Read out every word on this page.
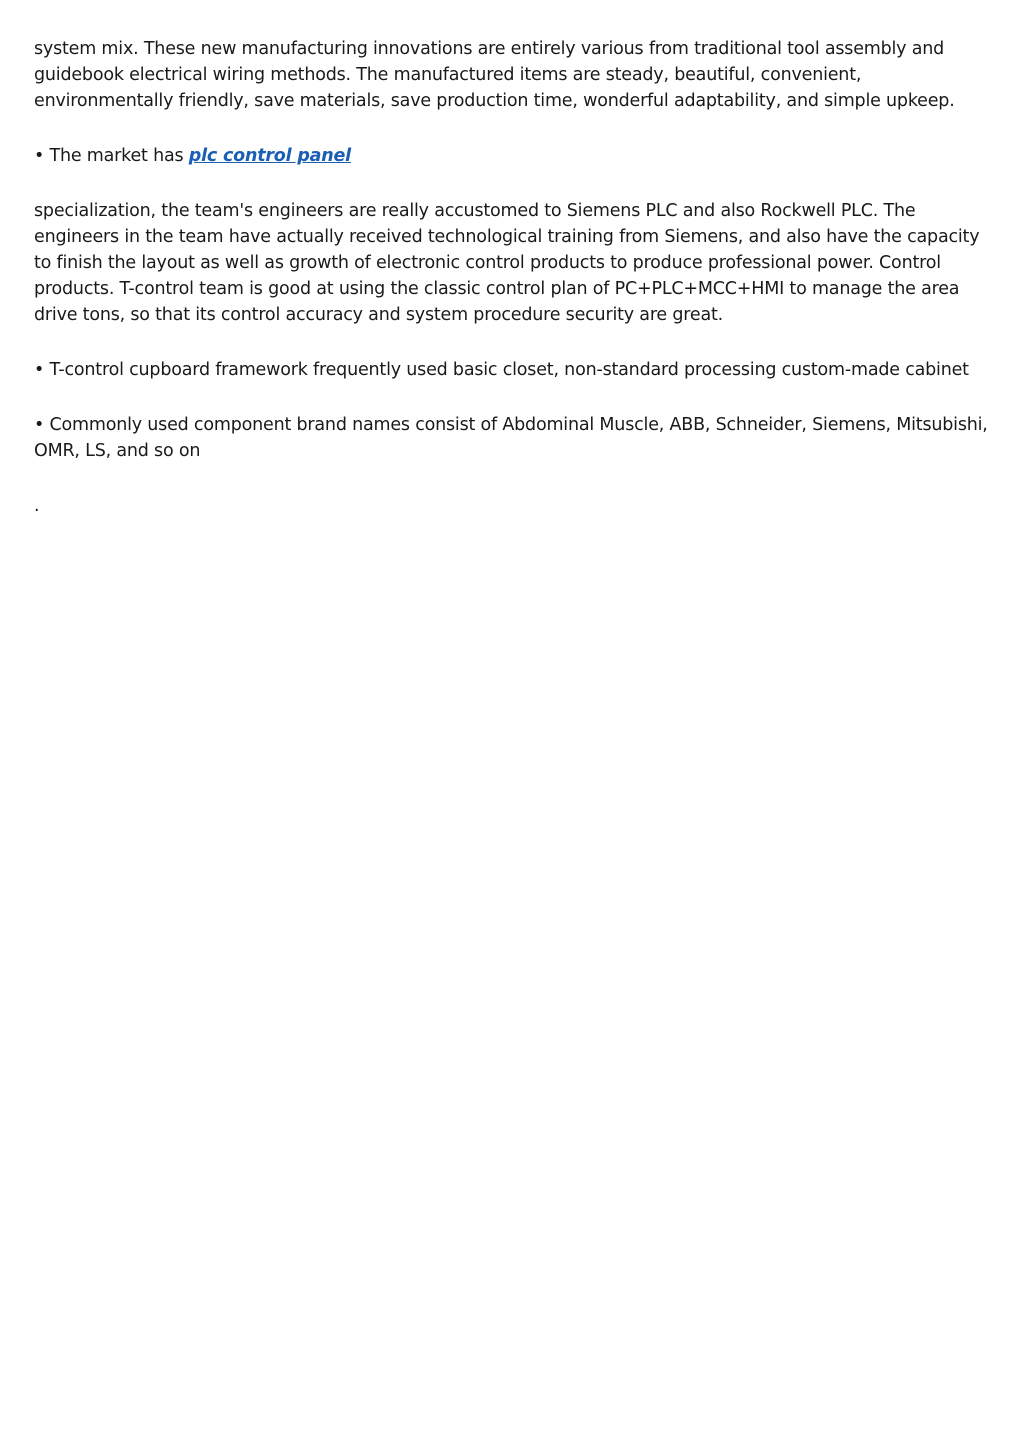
system mix. These new manufacturing innovations are entirely various from traditional tool assembly and guidebook electrical wiring methods. The manufactured items are steady, beautiful, convenient, environmentally friendly, save materials, save production time, wonderful adaptability, and simple upkeep.

• The market has plc control panel

specialization, the team's engineers are really accustomed to Siemens PLC and also Rockwell PLC. The engineers in the team have actually received technological training from Siemens, and also have the capacity to finish the layout as well as growth of electronic control products to produce professional power. Control products. T-control team is good at using the classic control plan of PC+PLC+MCC+HMI to manage the area drive tons, so that its control accuracy and system procedure security are great.

• T-control cupboard framework frequently used basic closet, non-standard processing custom-made cabinet

• Commonly used component brand names consist of Abdominal Muscle, ABB, Schneider, Siemens, Mitsubishi, OMR, LS, and so on

.
